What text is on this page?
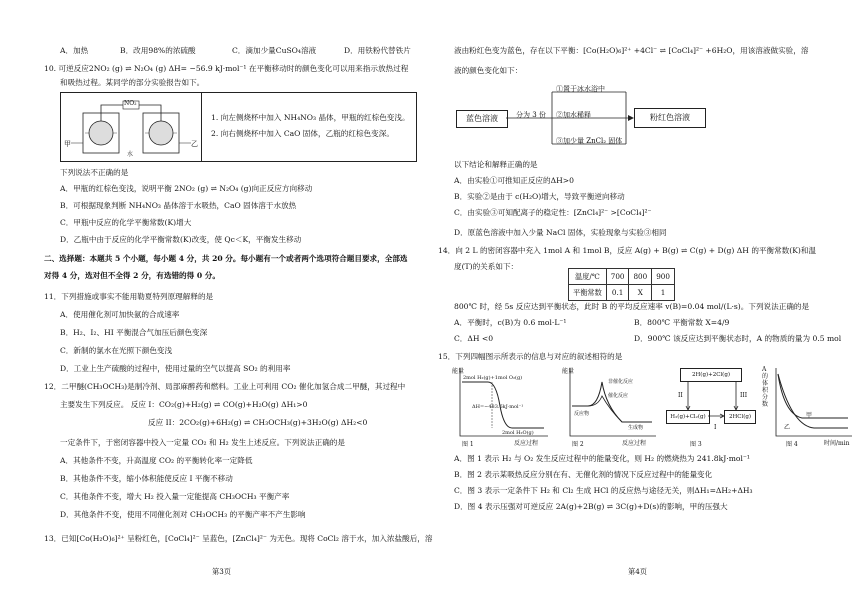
A．加热	B．改用98%的浓硫酸	C．滴加少量CuSO₄溶液	D．用铁粉代替铁片
10. 可逆反应2NO₂ (g) ⇌ N₂O₄ (g) ΔH= −56.9 kJ·mol⁻¹ 在平衡移动时的颜色变化可以用来指示放热过程
和吸热过程。某同学的部分实验报告如下。
NO₂
甲	乙
水
1. 向左侧烧杯中加入 NH₄NO₃ 晶体，甲瓶的红棕色变浅。
2. 向右侧烧杯中加入 CaO 固体，乙瓶的红棕色变深。
下列说法不正确的是
A．甲瓶的红棕色变浅，说明平衡 2NO₂ (g) ⇌ N₂O₄ (g)向正反应方向移动
B．可根据现象判断 NH₄NO₃ 晶体溶于水吸热，CaO 固体溶于水放热
C．甲瓶中反应的化学平衡常数(K)增大
D．乙瓶中由于反应的化学平衡常数(K)改变，使 Qc＜K，平衡发生移动
二、选择题：本题共 5 个小题，每小题 4 分，共 20 分。每小题有一个或者两个选项符合题目要求，全部选
对得 4 分，选对但不全得 2 分，有选错的得 0 分。
11．下列措施或事实不能用勒夏特列原理解释的是
A．使用催化剂可加快氨的合成速率
B．H₂、I₂、HI 平衡混合气加压后颜色变深
C．新制的氯水在光照下颜色变浅
D．工业上生产硫酸的过程中，使用过量的空气以提高 SO₂ 的利用率
12．二甲醚(CH₃OCH₃)是制冷剂、局部麻醉药和燃料。工业上可利用 CO₂ 催化加氢合成二甲醚，其过程中
主要发生下列反应。 反应 I：CO₂(g)+H₂(g) ⇌ CO(g)+H₂O(g) ΔH₁>0
反应 II：2CO₂(g)+6H₂(g) ⇌ CH₃OCH₃(g)+3H₂O(g) ΔH₂<0
一定条件下，于密闭容器中投入一定量 CO₂ 和 H₂ 发生上述反应。下列说法正确的是
A．其他条件不变，升高温度 CO₂ 的平衡转化率一定降低
B．其他条件不变，缩小体积能使反应 I 平衡不移动
C．其他条件不变，增大 H₂ 投入量一定能提高 CH₃OCH₃ 平衡产率
D．其他条件不变，使用不同催化剂对 CH₃OCH₃ 的平衡产率不产生影响
13．已知[Co(H₂O)₆]²⁺ 呈粉红色，[CoCl₄]²⁻ 呈蓝色，[ZnCl₄]²⁻ 为无色。现将 CoCl₂ 溶于水，加入浓盐酸后，溶
第3页
液由粉红色变为蓝色，存在以下平衡：[Co(H₂O)₆]²⁺ +4Cl⁻ ⇌ [CoCl₄]²⁻ +6H₂O，用该溶液做实验，溶
液的颜色变化如下：
蓝色溶液	分为 3 份
①置于冰水浴中
②加水稀释
③加少量 ZnCl₂ 固体
粉红色溶液
以下结论和解释正确的是
A．由实验①可推知正反应的ΔH>0
B．实验②是由于 c(H₂O)增大，导致平衡逆向移动
C．由实验③可知配离子的稳定性：[ZnCl₄]²⁻ >[CoCl₄]²⁻
D．原蓝色溶液中加入少量 NaCl 固体，实验现象与实验③相同
14．向 2 L 的密闭容器中充入 1mol A 和 1mol B，反应 A(g) + B(g) ⇌ C(g) + D(g) ΔH 的平衡常数(K)和温
度(T)的关系如下：
温度/℃	700	800	900
平衡常数	0.1	X	1
800℃ 时，经 5s 反应达到平衡状态，此时 B 的平均反应速率 v(B)=0.04 mol/(L·s)。下列说法正确的是
A．平衡时，c(B)为 0.6 mol·L⁻¹	B．800℃ 平衡常数 X=4/9
C．ΔH <0	D．900℃ 该反应达到平衡状态时，A 的物质的量为 0.5 mol
15．下列四幅图示所表示的信息与对应的叙述相符的是
能量
2mol H₂(g)+1mol O₂(g)
ΔH=−483.6kJ·mol⁻¹
2mol H₂O(g)
反应过程
图 1
能量
非催化反应
催化反应
反应物
生成物
反应过程
图 2
2H(g)+2Cl(g)
H₂(g)+Cl₂(g)	2HCl(g)
II	III
I
图 3
A的体积分数
甲
乙
时间/min
图 4
A．图 1 表示 H₂ 与 O₂ 发生反应过程中的能量变化，则 H₂ 的燃烧热为 241.8kJ·mol⁻¹
B．图 2 表示某吸热反应分别在有、无催化剂的情况下反应过程中的能量变化
C．图 3 表示一定条件下 H₂ 和 Cl₂ 生成 HCl 的反应热与途径无关，则ΔH₁=ΔH₂+ΔH₃
D．图 4 表示压强对可逆反应 2A(g)+2B(g) ⇌ 3C(g)+D(s)的影响，甲的压强大
第4页
